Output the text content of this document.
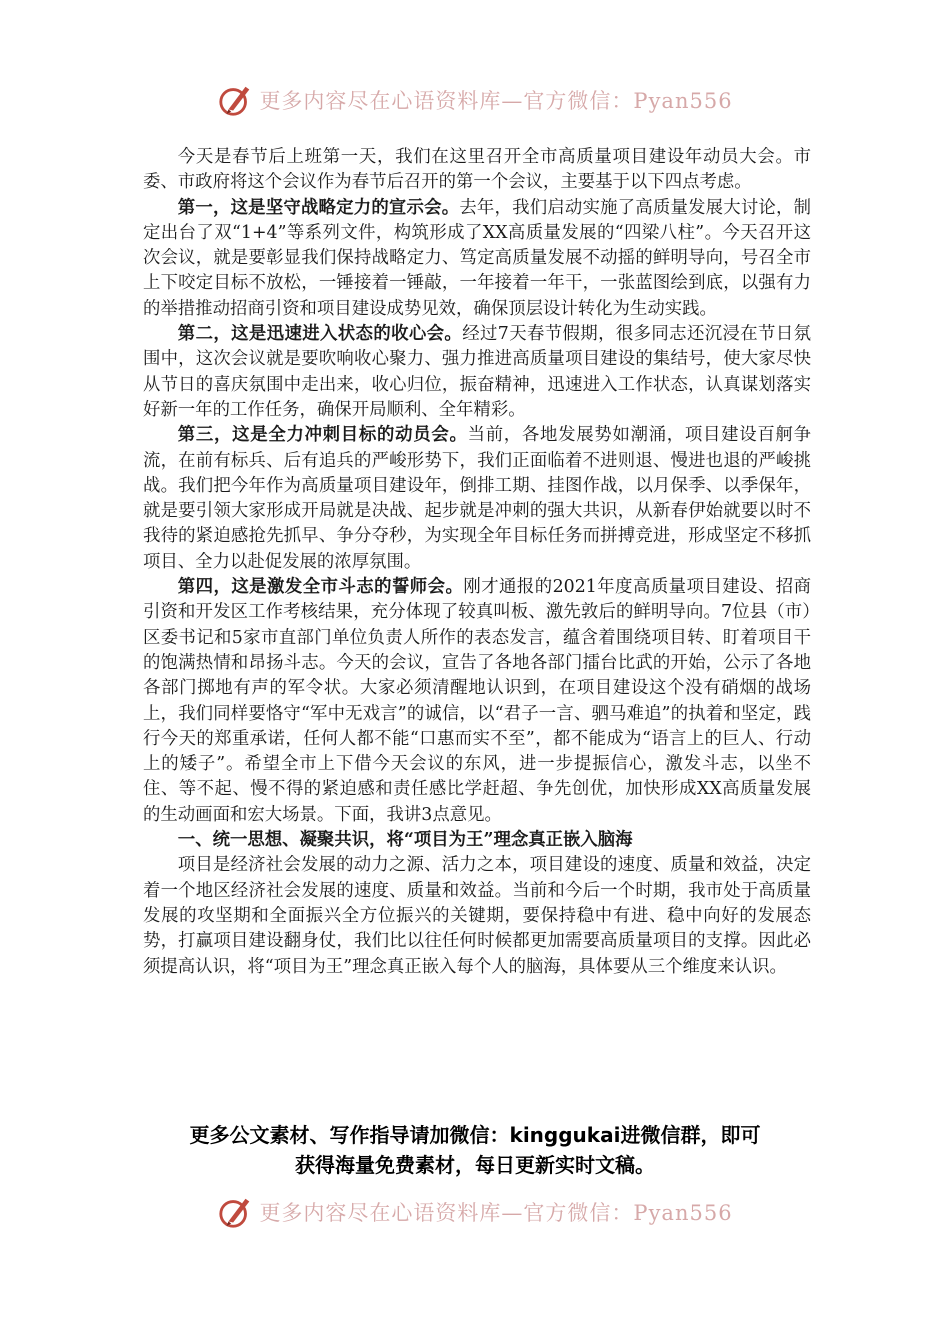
更多内容尽在心语资料库—官方微信：Pyan556

今天是春节后上班第一天，我们在这里召开全市高质量项目建设年动员大会。市委、市政府将这个会议作为春节后召开的第一个会议，主要基于以下四点考虑。

第一，这是坚守战略定力的宣示会。去年，我们启动实施了高质量发展大讨论，制定出台了双“1+4”等系列文件，构筑形成了XX高质量发展的“四梁八柱”。今天召开这次会议，就是要彰显我们保持战略定力、笃定高质量发展不动摇的鲜明导向，号召全市上下咬定目标不放松，一锤接着一锤敲，一年接着一年干，一张蓝图绘到底，以强有力的举措推动招商引资和项目建设成势见效，确保顶层设计转化为生动实践。

第二，这是迅速进入状态的收心会。经过7天春节假期，很多同志还沉浸在节日氛围中，这次会议就是要吹响收心聚力、强力推进高质量项目建设的集结号，使大家尽快从节日的喜庆氛围中走出来，收心归位，振奋精神，迅速进入工作状态，认真谋划落实好新一年的工作任务，确保开局顺利、全年精彩。

第三，这是全力冲刺目标的动员会。当前，各地发展势如潮涌，项目建设百舸争流，在前有标兵、后有追兵的严峻形势下，我们正面临着不进则退、慢进也退的严峻挑战。我们把今年作为高质量项目建设年，倒排工期、挂图作战，以月保季、以季保年，就是要引领大家形成开局就是决战、起步就是冲刺的强大共识，从新春伊始就要以时不我待的紧迫感抢先抓早、争分夺秒，为实现全年目标任务而拼搏竞进，形成坚定不移抓项目、全力以赴促发展的浓厚氛围。

第四，这是激发全市斗志的誓师会。刚才通报的2021年度高质量项目建设、招商引资和开发区工作考核结果，充分体现了较真叫板、激先敦后的鲜明导向。7位县（市）区委书记和5家市直部门单位负责人所作的表态发言，蕴含着围绕项目转、盯着项目干的饱满热情和昂扬斗志。今天的会议，宣告了各地各部门擂台比武的开始，公示了各地各部门掷地有声的军令状。大家必须清醒地认识到，在项目建设这个没有硝烟的战场上，我们同样要恪守“军中无戏言”的诚信，以“君子一言、驷马难追”的执着和坚定，践行今天的郑重承诺，任何人都不能“口惠而实不至”，都不能成为“语言上的巨人、行动上的矮子”。希望全市上下借今天会议的东风，进一步提振信心，激发斗志，以坐不住、等不起、慢不得的紧迫感和责任感比学赶超、争先创优，加快形成XX高质量发展的生动画面和宏大场景。下面，我讲3点意见。

一、统一思想、凝聚共识，将“项目为王”理念真正嵌入脑海

项目是经济社会发展的动力之源、活力之本，项目建设的速度、质量和效益，决定着一个地区经济社会发展的速度、质量和效益。当前和今后一个时期，我市处于高质量发展的攻坚期和全面振兴全方位振兴的关键期，要保持稳中有进、稳中向好的发展态势，打赢项目建设翻身仗，我们比以往任何时候都更加需要高质量项目的支撑。因此必须提高认识，将“项目为王”理念真正嵌入每个人的脑海，具体要从三个维度来认识。

更多公文素材、写作指导请加微信：kinggukai进微信群，即可
获得海量免费素材，每日更新实时文稿。
更多内容尽在心语资料库—官方微信：Pyan556
